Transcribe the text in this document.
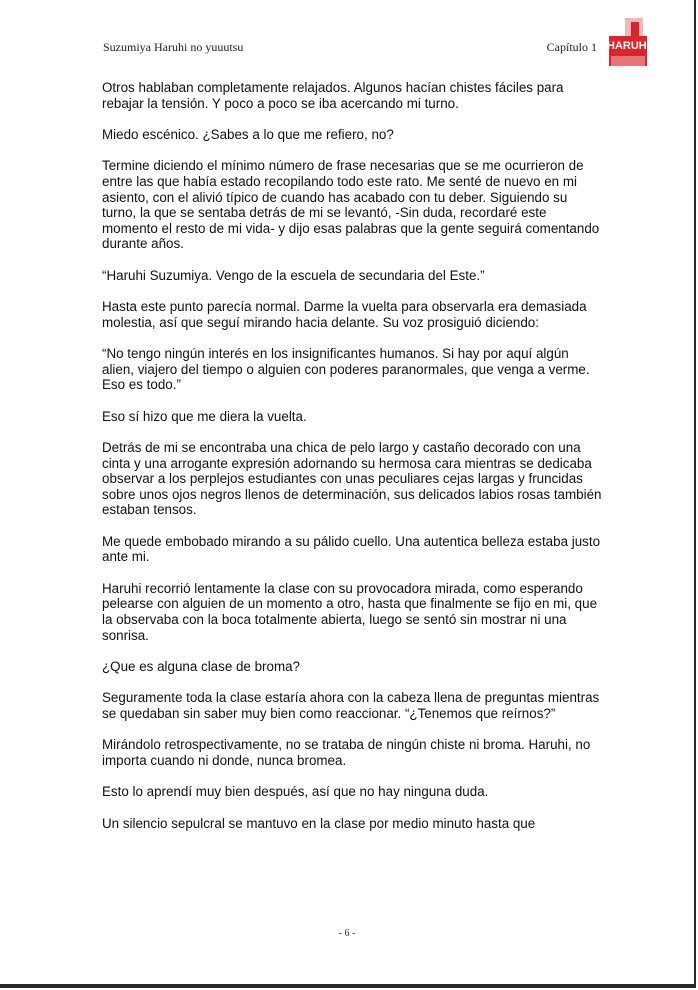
Suzumiya Haruhi no yuuutsu	Capítulo 1 HARUHI

Otros hablaban completamente relajados. Algunos hacían chistes fáciles para rebajar la tensión. Y poco a poco se iba acercando mi turno.

Miedo escénico. ¿Sabes a lo que me refiero, no?

Termine diciendo el mínimo número de frase necesarias que se me ocurrieron de entre las que había estado recopilando todo este rato. Me senté de nuevo en mi asiento, con el alivió típico de cuando has acabado con tu deber. Siguiendo su turno, la que se sentaba detrás de mi se levantó, -Sin duda, recordaré este momento el resto de mi vida- y dijo esas palabras que la gente seguirá comentando durante años.

“Haruhi Suzumiya. Vengo de la escuela de secundaria del Este.”

Hasta este punto parecía normal. Darme la vuelta para observarla era demasiada molestia, así que seguí mirando hacia delante. Su voz prosiguió diciendo:

“No tengo ningún interés en los insignificantes humanos. Si hay por aquí algún alien, viajero del tiempo o alguien con poderes paranormales, que venga a verme. Eso es todo.”

Eso sí hizo que me diera la vuelta.

Detrás de mi se encontraba una chica de pelo largo y castaño decorado con una cinta y una arrogante expresión adornando su hermosa cara mientras se dedicaba observar a los perplejos estudiantes con unas peculiares cejas largas y fruncidas sobre unos ojos negros llenos de determinación, sus delicados labios rosas también estaban tensos.

Me quede embobado mirando a su pálido cuello. Una autentica belleza estaba justo ante mi.

Haruhi recorrió lentamente la clase con su provocadora mirada, como esperando pelearse con alguien de un momento a otro, hasta que finalmente se fijo en mi, que la observaba con la boca totalmente abierta, luego se sentó sin mostrar ni una sonrisa.

¿Que es alguna clase de broma?

Seguramente toda la clase estaría ahora con la cabeza llena de preguntas mientras se quedaban sin saber muy bien como reaccionar. “¿Tenemos que reírnos?”

Mirándolo retrospectivamente, no se trataba de ningún chiste ni broma. Haruhi, no importa cuando ni donde, nunca bromea.

Esto lo aprendí muy bien después, así que no hay ninguna duda.

Un silencio sepulcral se mantuvo en la clase por medio minuto hasta que

- 6 -
